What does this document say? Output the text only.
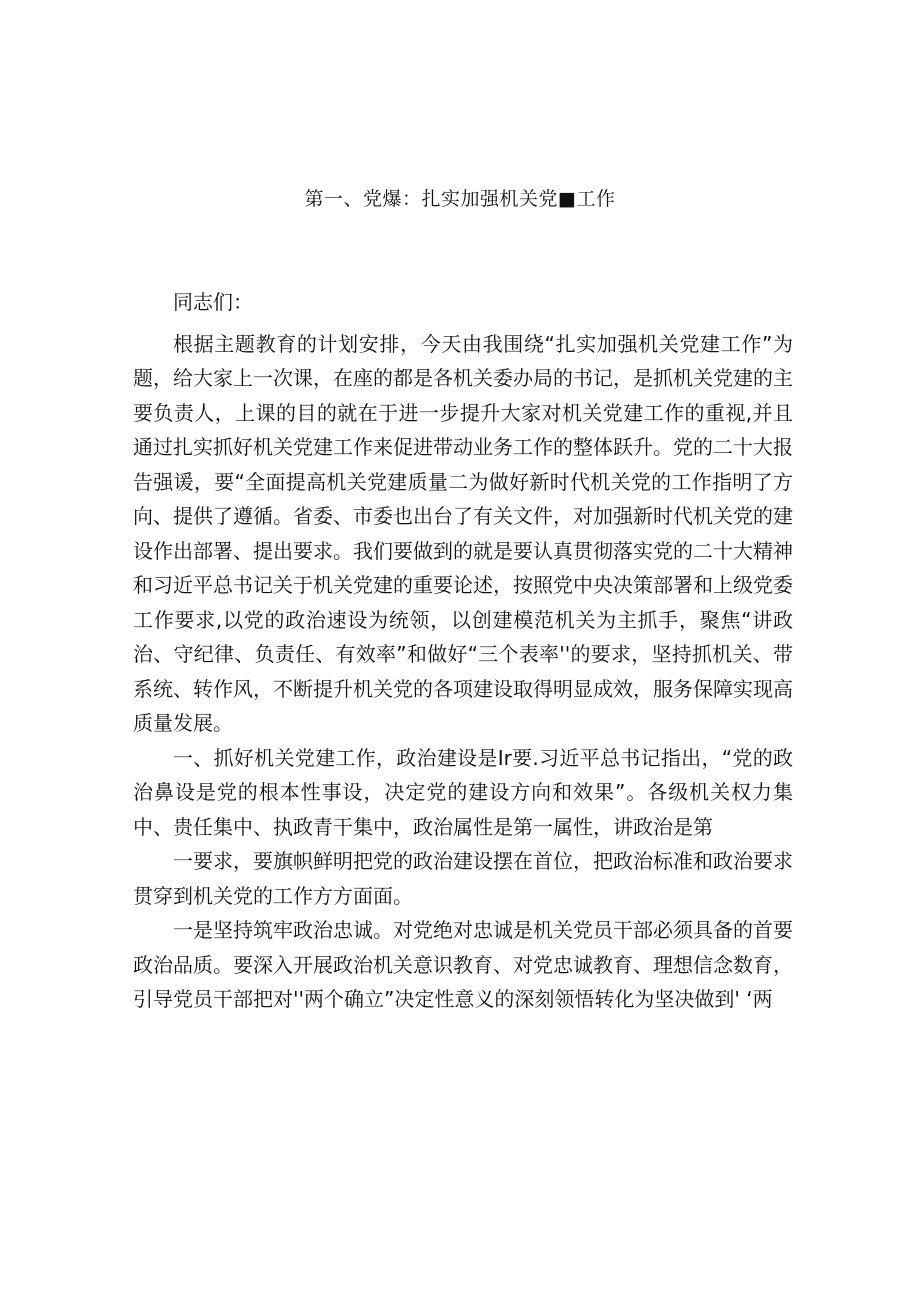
第一、党爆：扎实加强机关党■工作

同志们：

根据主题教育的计划安排，今天由我围绕“扎实加强机关党建工作”为题，给大家上一次课，在座的都是各机关委办局的书记，是抓机关党建的主要负责人，上课的目的就在于进一步提升大家对机关党建工作的重视,并且通过扎实抓好机关党建工作来促进带动业务工作的整体跃升。党的二十大报告强谖，要“全面提高机关党建质量二为做好新时代机关党的工作指明了方向、提供了遵循。省委、市委也出台了有关文件，对加强新时代机关党的建设作出部署、提出要求。我们要做到的就是要认真贯彻落实党的二十大精神和习近平总书记关于机关党建的重要论述，按照党中央决策部署和上级党委工作要求,以党的政治速设为统领，以创建模范机关为主抓手，聚焦“讲政治、守纪律、负责任、有效率”和做好“三个表率''的要求，坚持抓机关、带系统、转作风，不断提升机关党的各项建设取得明显成效，服务保障实现高质量发展。

一、抓好机关党建工作，政治建设是Ir要.习近平总书记指出，“党的政治鼻设是党的根本性事设，决定党的建设方向和效果”。各级机关权力集中、贵任集中、执政青干集中，政治属性是第一属性，讲政治是第

一要求，要旗帜鲜明把党的政治建设摆在首位，把政治标准和政治要求贯穿到机关党的工作方方面面。

一是坚持筑牢政治忠诚。对党绝对忠诚是机关党员干部必须具备的首要政治品质。要深入开展政治机关意识教育、对党忠诚教育、理想信念数育，引导党员干部把对''两个确立”决定性意义的深刻领悟转化为坚决做到' ‘两
